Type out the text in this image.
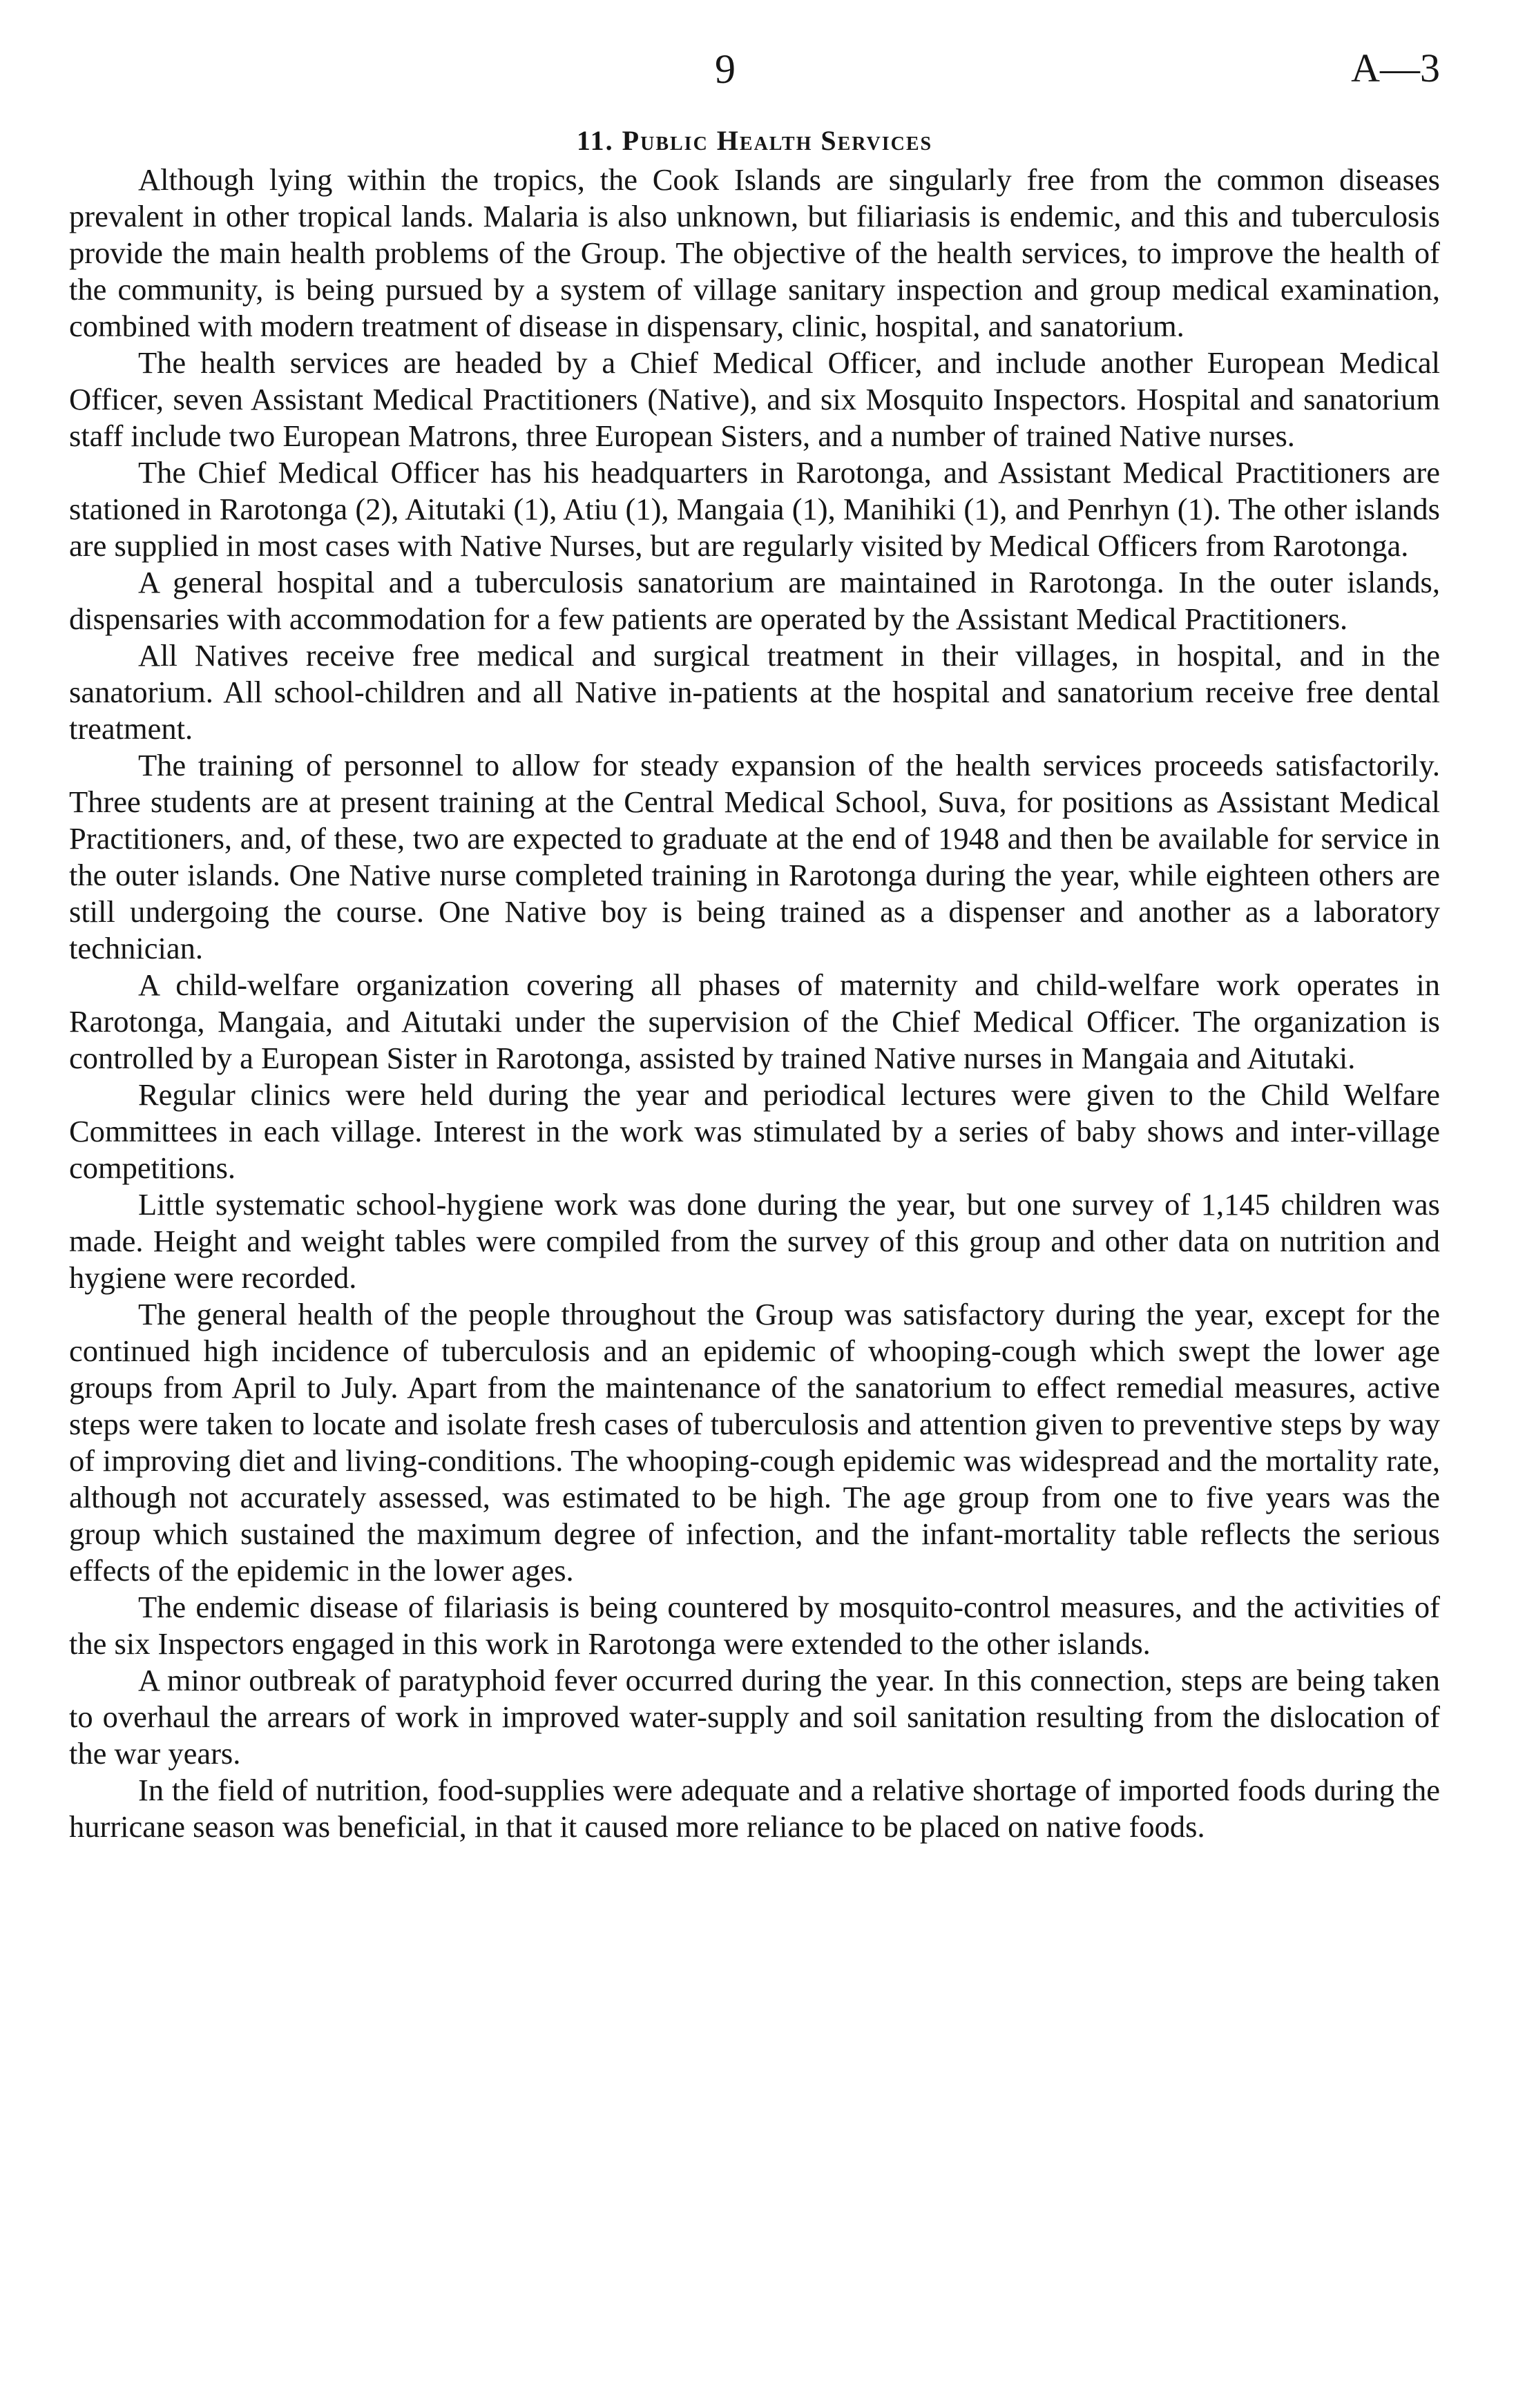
9	A—3
11. Public Health Services

Although lying within the tropics, the Cook Islands are singularly free from the common diseases prevalent in other tropical lands. Malaria is also unknown, but filiariasis is endemic, and this and tuberculosis provide the main health problems of the Group. The objective of the health services, to improve the health of the community, is being pursued by a system of village sanitary inspection and group medical examination, combined with modern treatment of disease in dispensary, clinic, hospital, and sanatorium.

The health services are headed by a Chief Medical Officer, and include another European Medical Officer, seven Assistant Medical Practitioners (Native), and six Mosquito Inspectors. Hospital and sanatorium staff include two European Matrons, three European Sisters, and a number of trained Native nurses.

The Chief Medical Officer has his headquarters in Rarotonga, and Assistant Medical Practitioners are stationed in Rarotonga (2), Aitutaki (1), Atiu (1), Mangaia (1), Manihiki (1), and Penrhyn (1). The other islands are supplied in most cases with Native Nurses, but are regularly visited by Medical Officers from Rarotonga.

A general hospital and a tuberculosis sanatorium are maintained in Rarotonga. In the outer islands, dispensaries with accommodation for a few patients are operated by the Assistant Medical Practitioners.

All Natives receive free medical and surgical treatment in their villages, in hospital, and in the sanatorium. All school-children and all Native in-patients at the hospital and sanatorium receive free dental treatment.

The training of personnel to allow for steady expansion of the health services proceeds satisfactorily. Three students are at present training at the Central Medical School, Suva, for positions as Assistant Medical Practitioners, and, of these, two are expected to graduate at the end of 1948 and then be available for service in the outer islands. One Native nurse completed training in Rarotonga during the year, while eighteen others are still undergoing the course. One Native boy is being trained as a dispenser and another as a laboratory technician.

A child-welfare organization covering all phases of maternity and child-welfare work operates in Rarotonga, Mangaia, and Aitutaki under the supervision of the Chief Medical Officer. The organization is controlled by a European Sister in Rarotonga, assisted by trained Native nurses in Mangaia and Aitutaki.

Regular clinics were held during the year and periodical lectures were given to the Child Welfare Committees in each village. Interest in the work was stimulated by a series of baby shows and inter-village competitions.

Little systematic school-hygiene work was done during the year, but one survey of 1,145 children was made. Height and weight tables were compiled from the survey of this group and other data on nutrition and hygiene were recorded.

The general health of the people throughout the Group was satisfactory during the year, except for the continued high incidence of tuberculosis and an epidemic of whooping-cough which swept the lower age groups from April to July. Apart from the maintenance of the sanatorium to effect remedial measures, active steps were taken to locate and isolate fresh cases of tuberculosis and attention given to preventive steps by way of improving diet and living-conditions. The whooping-cough epidemic was widespread and the mortality rate, although not accurately assessed, was estimated to be high. The age group from one to five years was the group which sustained the maximum degree of infection, and the infant-mortality table reflects the serious effects of the epidemic in the lower ages.

The endemic disease of filariasis is being countered by mosquito-control measures, and the activities of the six Inspectors engaged in this work in Rarotonga were extended to the other islands.

A minor outbreak of paratyphoid fever occurred during the year. In this connection, steps are being taken to overhaul the arrears of work in improved water-supply and soil sanitation resulting from the dislocation of the war years.

In the field of nutrition, food-supplies were adequate and a relative shortage of imported foods during the hurricane season was beneficial, in that it caused more reliance to be placed on native foods.
